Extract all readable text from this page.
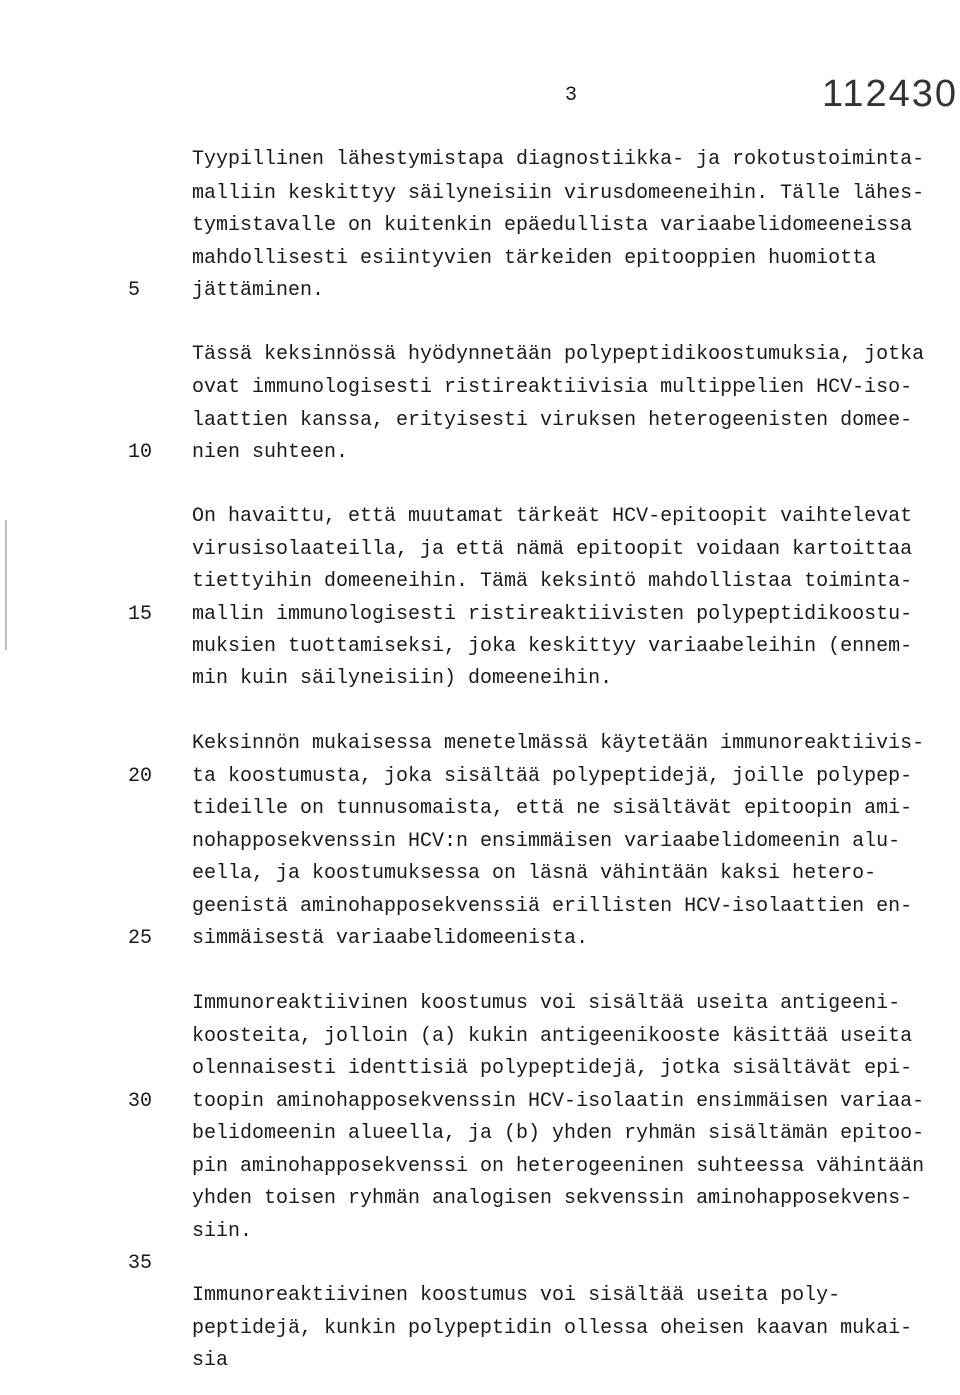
3	112430
Tyypillinen lähestymistapa diagnostiikka- ja rokotustoiminta-
malliin keskittyy säilyneisiin virusdomeeneihin. Tälle lähes-
tymistavalle on kuitenkin epäedullista variaabelidomeeneissa
mahdollisesti esiintyvien tärkeiden epitooppien huomiotta
jättäminen.
5
Tässä keksinnössä hyödynnetään polypeptidikoostumuksia, jotka
ovat immunologisesti ristireaktiivisia multippelien HCV-iso-
laattien kanssa, erityisesti viruksen heterogeenisten domee-
nien suhteen.
10
On havaittu, että muutamat tärkeät HCV-epitoopit vaihtelevat
virusisolaateilla, ja että nämä epitoopit voidaan kartoittaa
tiettyihin domeeneihin. Tämä keksintö mahdollistaa toiminta-
mallin immunologisesti ristireaktiivisten polypeptidikoostu-
15
muksien tuottamiseksi, joka keskittyy variaabeleihin (ennem-
min kuin säilyneisiin) domeeneihin.
Keksinnön mukaisessa menetelmässä käytetään immunoreaktiivis-
ta koostumusta, joka sisältää polypeptidejä, joille polypep-
20
tideille on tunnusomaista, että ne sisältävät epitoopin ami-
nohapposekvenssin HCV:n ensimmäisen variaabelidomeenin alu-
eella, ja koostumuksessa on läsnä vähintään kaksi hetero-
geenistä aminohapposekvenssiä erillisten HCV-isolaattien en-
simmäisestä variaabelidomeenista.
25
Immunoreaktiivinen koostumus voi sisältää useita antigeeni-
koosteita, jolloin (a) kukin antigeenikooste käsittää useita
olennaisesti identtisiä polypeptidejä, jotka sisältävät epi-
toopin aminohapposekvenssin HCV-isolaatin ensimmäisen variaa-
30
belidomeenin alueella, ja (b) yhden ryhmän sisältämän epitoo-
pin aminohapposekvenssi on heterogeeninen suhteessa vähintään
yhden toisen ryhmän analogisen sekvenssin aminohapposekvens-
siin.
35
Immunoreaktiivinen koostumus voi sisältää useita poly-
peptidejä, kunkin polypeptidin ollessa oheisen kaavan mukai-
sia
